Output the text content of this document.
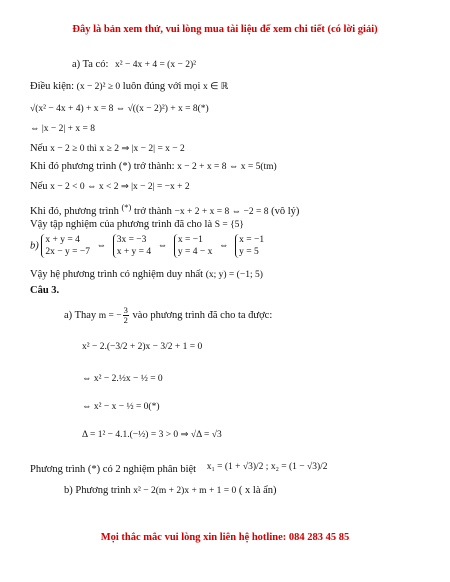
Đây là bản xem thử, vui lòng mua tài liệu để xem chi tiết (có lời giải)
a) Ta có: x² − 4x + 4 = (x − 2)²
Điều kiện: (x − 2)² ≥ 0 luôn đúng với mọi x ∈ ℝ
√(x² − 4x + 4) + x = 8 ⇔ √((x − 2)²) + x = 8(*)
⇔ |x − 2| + x = 8
Nếu x − 2 ≥ 0 thì x ≥ 2 ⇒ |x − 2| = x − 2
Khi đó phương trình (*) trở thành: x − 2 + x = 8 ⇔ x = 5(tm)
Nếu x − 2 < 0 ⇔ x < 2 ⇒ |x − 2| = −x + 2
Khi đó, phương trình (*) trở thành −x + 2 + x = 8 ⇔ −2 = 8 (vô lý)
Vậy tập nghiệm của phương trình đã cho là S = {5}
b)
x + y = 4
2x − y = −7
⇔
3x = −3
x + y = 4
⇔
x = −1
y = 4 − x
⇔
x = −1
y = 5
Vậy hệ phương trình có nghiệm duy nhất (x; y) = (−1; 5)
Câu 3.
a) Thay m = − $\frac{3}{2}$ vào phương trình đã cho ta được:
x² − 2.(−3/2 + 2)x − 3/2 + 1 = 0
⇔ x² − 2.½x − ½ = 0
⇔ x² − x − ½ = 0(*)
Δ = 1² − 4.1.(−½) = 3 > 0 ⇒ √Δ = √3
Phương trình (*) có 2 nghiệm phân biệt x₁ = (1 + √3)/2 ; x₂ = (1 − √3)/2
b) Phương trình x² − 2(m + 2)x + m + 1 = 0 ( x là ẩn)
Mọi thắc mắc vui lòng xin liên hệ hotline: 084 283 45 85
